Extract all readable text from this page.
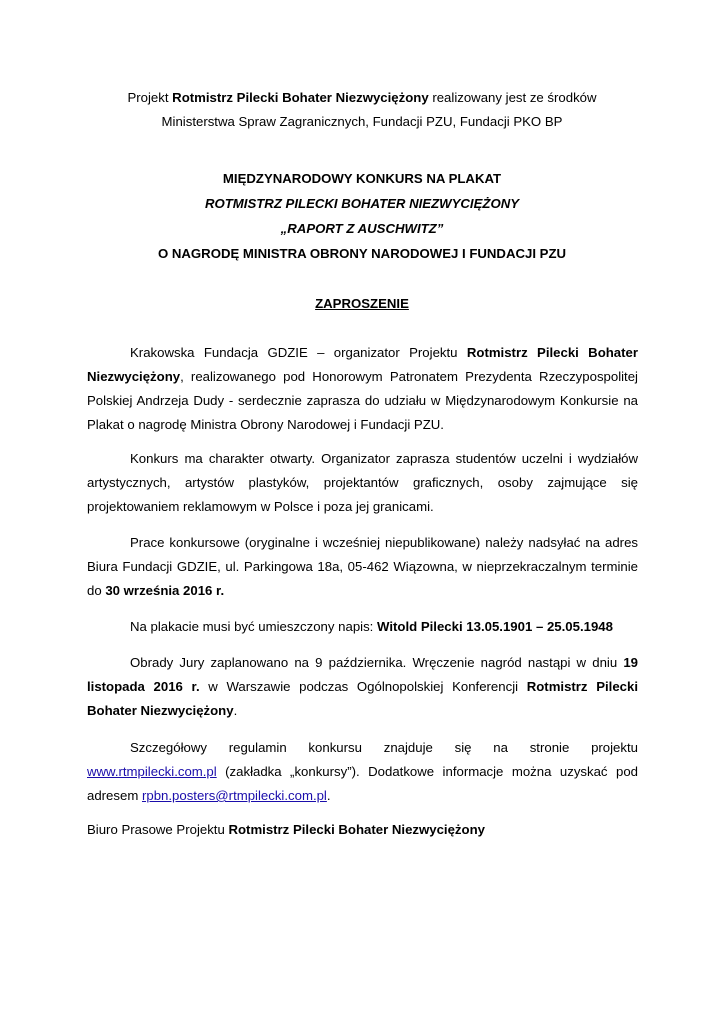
Projekt Rotmistrz Pilecki Bohater Niezwyciężony realizowany jest ze środków
Ministerstwa Spraw Zagranicznych, Fundacji PZU, Fundacji PKO BP
MIĘDZYNARODOWY KONKURS NA PLAKAT
ROTMISTRZ PILECKI BOHATER NIEZWYCIĘŻONY
„RAPORT Z AUSCHWITZ”
O NAGRODĘ MINISTRA OBRONY NARODOWEJ I FUNDACJI PZU
ZAPROSZENIE
Krakowska Fundacja GDZIE – organizator Projektu Rotmistrz Pilecki Bohater Niezwyciężony, realizowanego pod Honorowym Patronatem Prezydenta Rzeczypospolitej Polskiej Andrzeja Dudy - serdecznie zaprasza do udziału w Międzynarodowym Konkursie na Plakat o nagrodę Ministra Obrony Narodowej i Fundacji PZU.
Konkurs ma charakter otwarty. Organizator zaprasza studentów uczelni i wydziałów artystycznych, artystów plastyków, projektantów graficznych, osoby zajmujące się projektowaniem reklamowym w Polsce i poza jej granicami.
Prace konkursowe (oryginalne i wcześniej niepublikowane) należy nadsyłać na adres Biura Fundacji GDZIE, ul. Parkingowa 18a, 05-462 Wiązowna, w nieprzekraczalnym terminie do 30 września 2016 r.
Na plakacie musi być umieszczony napis: Witold Pilecki 13.05.1901 – 25.05.1948
Obrady Jury zaplanowano na 9 października. Wręczenie nagród nastąpi w dniu 19 listopada 2016 r. w Warszawie podczas Ogólnopolskiej Konferencji Rotmistrz Pilecki Bohater Niezwyciężony.
Szczegółowy regulamin konkursu znajduje się na stronie projektu www.rtmpilecki.com.pl (zakładka „konkursy”). Dodatkowe informacje można uzyskać pod adresem rpbn.posters@rtmpilecki.com.pl.
Biuro Prasowe Projektu Rotmistrz Pilecki Bohater Niezwyciężony
